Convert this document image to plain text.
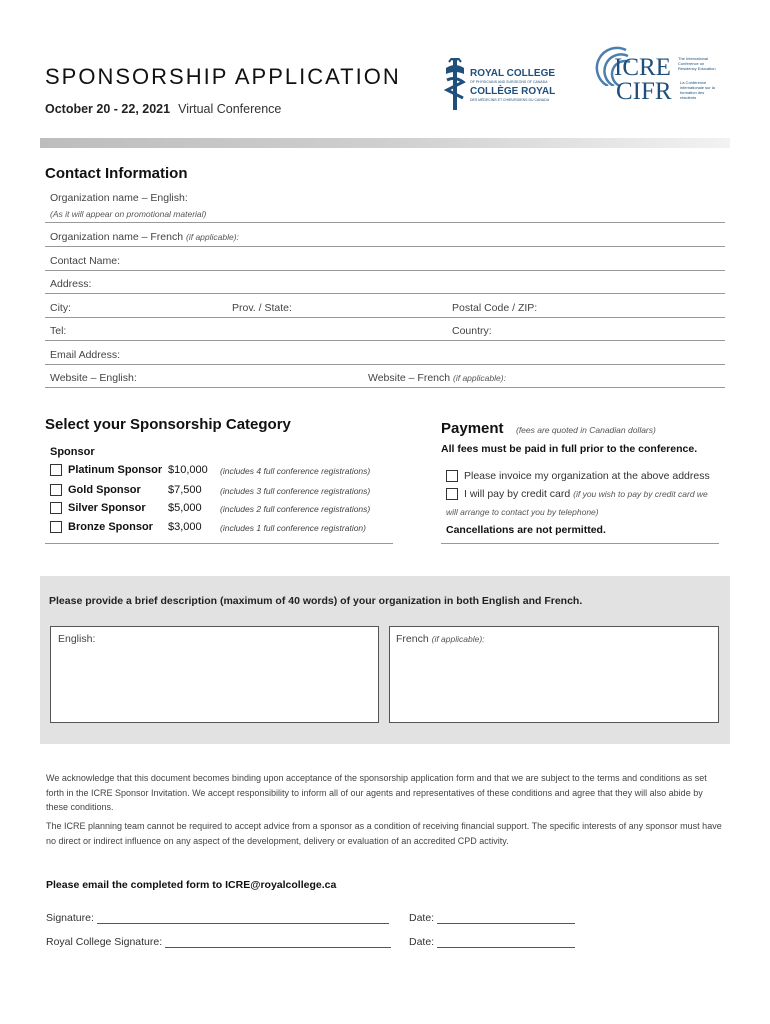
SPONSORSHIP APPLICATION
October 20 - 22, 2021 Virtual Conference
ROYAL COLLEGE
OF PHYSICIANS AND SURGEONS OF CANADA
COLLÈGE ROYAL
DES MÉDECINS ET CHIRURGIENS DU CANADA
ICRE
CIFR
The International Conference on Residency Education
La Conférence internationale sur la formation des résidents
Contact Information
Organization name – English:
(As it will appear on promotional material)
Organization name – French (if applicable):
Contact Name:
Address:
City:	Prov. / State:	Postal Code / ZIP:
Tel:	Country:
Email Address:
Website – English:	Website – French (if applicable):
Select your Sponsorship Category
Sponsor
Platinum Sponsor $10,000 (includes 4 full conference registrations)
Gold Sponsor $7,500 (includes 3 full conference registrations)
Silver Sponsor $5,000 (includes 2 full conference registrations)
Bronze Sponsor $3,000 (includes 1 full conference registration)
Payment (fees are quoted in Canadian dollars)
All fees must be paid in full prior to the conference.
Please invoice my organization at the above address
I will pay by credit card (if you wish to pay by credit card we
will arrange to contact you by telephone)
Cancellations are not permitted.
Please provide a brief description (maximum of 40 words) of your organization in both English and French.
English:	French (if applicable):
We acknowledge that this document becomes binding upon acceptance of the sponsorship application form and that we are subject to the terms and conditions as set forth in the ICRE Sponsor Invitation. We accept responsibility to inform all of our agents and representatives of these conditions and agree that they will also abide by these conditions.
The ICRE planning team cannot be required to accept advice from a sponsor as a condition of receiving financial support. The specific interests of any sponsor must have no direct or indirect influence on any aspect of the development, delivery or evaluation of an accredited CPD activity.
Please email the completed form to ICRE@royalcollege.ca
Signature:	Date:
Royal College Signature:	Date:
